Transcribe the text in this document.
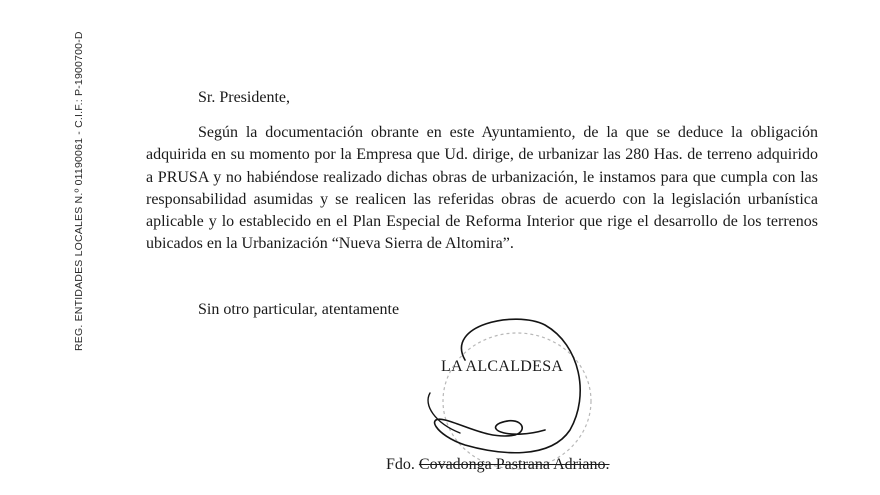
REG. ENTIDADES LOCALES N.º 01190061 - C.I.F.: P-1900700-D	Sr. Presidente,

Según la documentación obrante en este Ayuntamiento, de la que se deduce la obligación adquirida en su momento por la Empresa que Ud. dirige, de urbanizar las 280 Has. de terreno adquirido a PRUSA y no habiéndose realizado dichas obras de urbanización, le instamos para que cumpla con las responsabilidad asumidas y se realicen las referidas obras de acuerdo con la legislación urbanística aplicable y lo establecido en el Plan Especial de Reforma Interior que rige el desarrollo de los terrenos ubicados en la Urbanización “Nueva Sierra de Altomira”.

Sin otro particular, atentamente
LA ALCALDESA
Fdo. Covadonga Pastrana Adriano.
